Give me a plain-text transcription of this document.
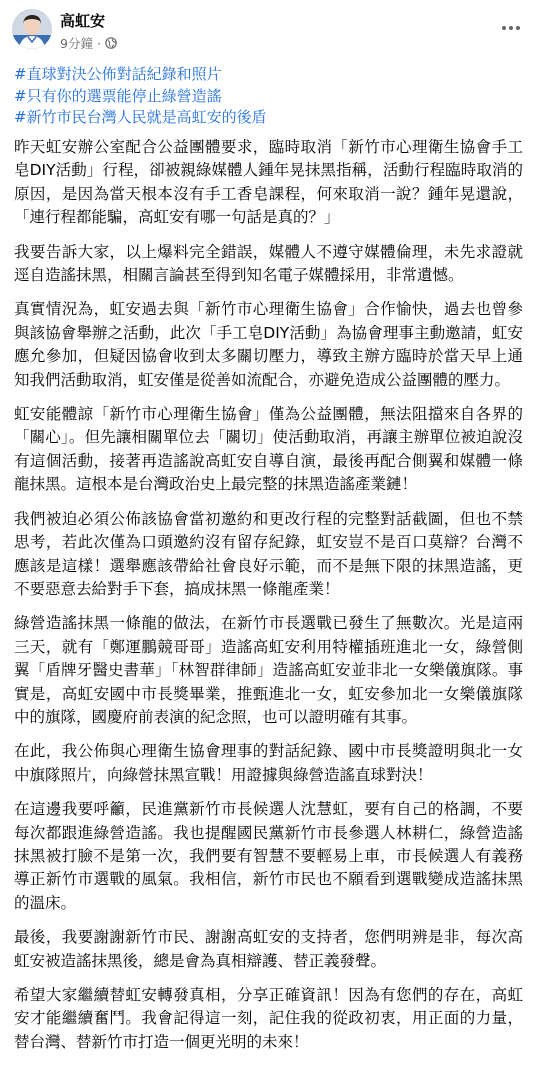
高虹安
9分鐘 ·
#直球對決公佈對話紀錄和照片
#只有你的選票能停止綠營造謠
#新竹市民台灣人民就是高虹安的後盾

昨天虹安辦公室配合公益團體要求，臨時取消「新竹市心理衛生協會手工皂DIY活動」行程，卻被親綠媒體人鍾年晃抹黑指稱，活動行程臨時取消的原因，是因為當天根本沒有手工香皂課程，何來取消一說？鍾年晃還說，「連行程都能騙，高虹安有哪一句話是真的？」

我要告訴大家，以上爆料完全錯誤，媒體人不遵守媒體倫理，未先求證就逕自造謠抹黑，相關言論甚至得到知名電子媒體採用，非常遺憾。

真實情況為，虹安過去與「新竹市心理衛生協會」合作愉快，過去也曾參與該協會舉辦之活動，此次「手工皂DIY活動」為協會理事主動邀請，虹安應允參加，但疑因協會收到太多關切壓力，導致主辦方臨時於當天早上通知我們活動取消，虹安僅是從善如流配合，亦避免造成公益團體的壓力。

虹安能體諒「新竹市心理衛生協會」僅為公益團體，無法阻擋來自各界的「關心」。但先讓相關單位去「關切」使活動取消，再讓主辦單位被迫說沒有這個活動，接著再造謠說高虹安自導自演，最後再配合側翼和媒體一條龍抹黑。這根本是台灣政治史上最完整的抹黑造謠產業鏈！

我們被迫必須公佈該協會當初邀約和更改行程的完整對話截圖，但也不禁思考，若此次僅為口頭邀約沒有留存紀錄，虹安豈不是百口莫辯？台灣不應該是這樣！選舉應該帶給社會良好示範，而不是無下限的抹黑造謠，更不要惡意去給對手下套，搞成抹黑一條龍產業！

綠營造謠抹黑一條龍的做法，在新竹市長選戰已發生了無數次。光是這兩三天，就有「鄭運鵬競哥哥」造謠高虹安利用特權插班進北一女，綠營側翼「盾牌牙醫史書華」「林智群律師」造謠高虹安並非北一女樂儀旗隊。事實是，高虹安國中市長獎畢業，推甄進北一女，虹安參加北一女樂儀旗隊中的旗隊，國慶府前表演的紀念照，也可以證明確有其事。

在此，我公佈與心理衛生協會理事的對話紀錄、國中市長獎證明與北一女中旗隊照片，向綠營抹黑宣戰！用證據與綠營造謠直球對決！

在這邊我要呼籲，民進黨新竹市長候選人沈慧虹，要有自己的格調，不要每次都跟進綠營造謠。我也提醒國民黨新竹市長參選人林耕仁，綠營造謠抹黑被打臉不是第一次，我們要有智慧不要輕易上車，市長候選人有義務導正新竹市選戰的風氣。我相信，新竹市民也不願看到選戰變成造謠抹黑的溫床。

最後，我要謝謝新竹市民、謝謝高虹安的支持者，您們明辨是非，每次高虹安被造謠抹黑後，總是會為真相辯護、替正義發聲。

希望大家繼續替虹安轉發真相，分享正確資訊！因為有您們的存在，高虹安才能繼續奮鬥。我會記得這一刻，記住我的從政初衷，用正面的力量，替台灣、替新竹市打造一個更光明的未來！
